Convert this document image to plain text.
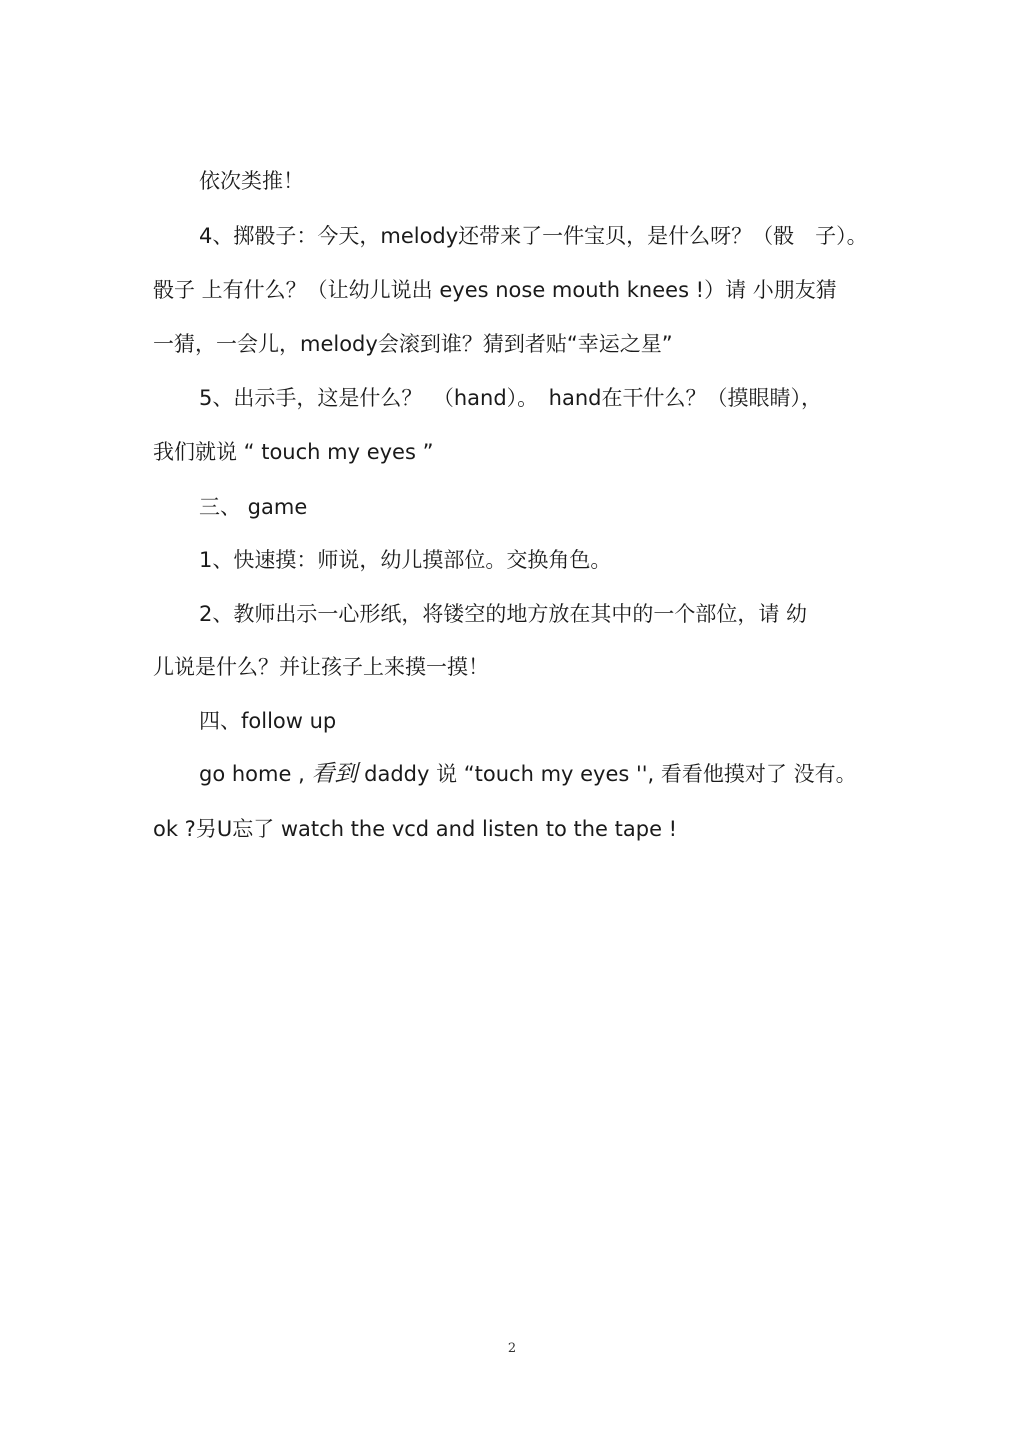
依次类推！
4、掷骰子：今天，melody还带来了一件宝贝，是什么呀？（骰　子）。
骰子 上有什么？（让幼儿说出 eyes nose mouth knees !）请 小朋友猜
一猜，一会儿，melody会滚到谁？猜到者贴“幸运之星”
5、出示手，这是什么？　（hand）。　hand在干什么？（摸眼睛），
我们就说 “ touch my eyes ”
三、 game
1、快速摸：师说，幼儿摸部位。交换角色。
2、教师出示一心形纸，将镂空的地方放在其中的一个部位，请 幼
儿说是什么？并让孩子上来摸一摸！
四、follow up
go home , 看到 daddy 说 “touch my eyes '', 看看他摸对了 没有。
ok ?另U忘了 watch the vcd and listen to the tape !
2
